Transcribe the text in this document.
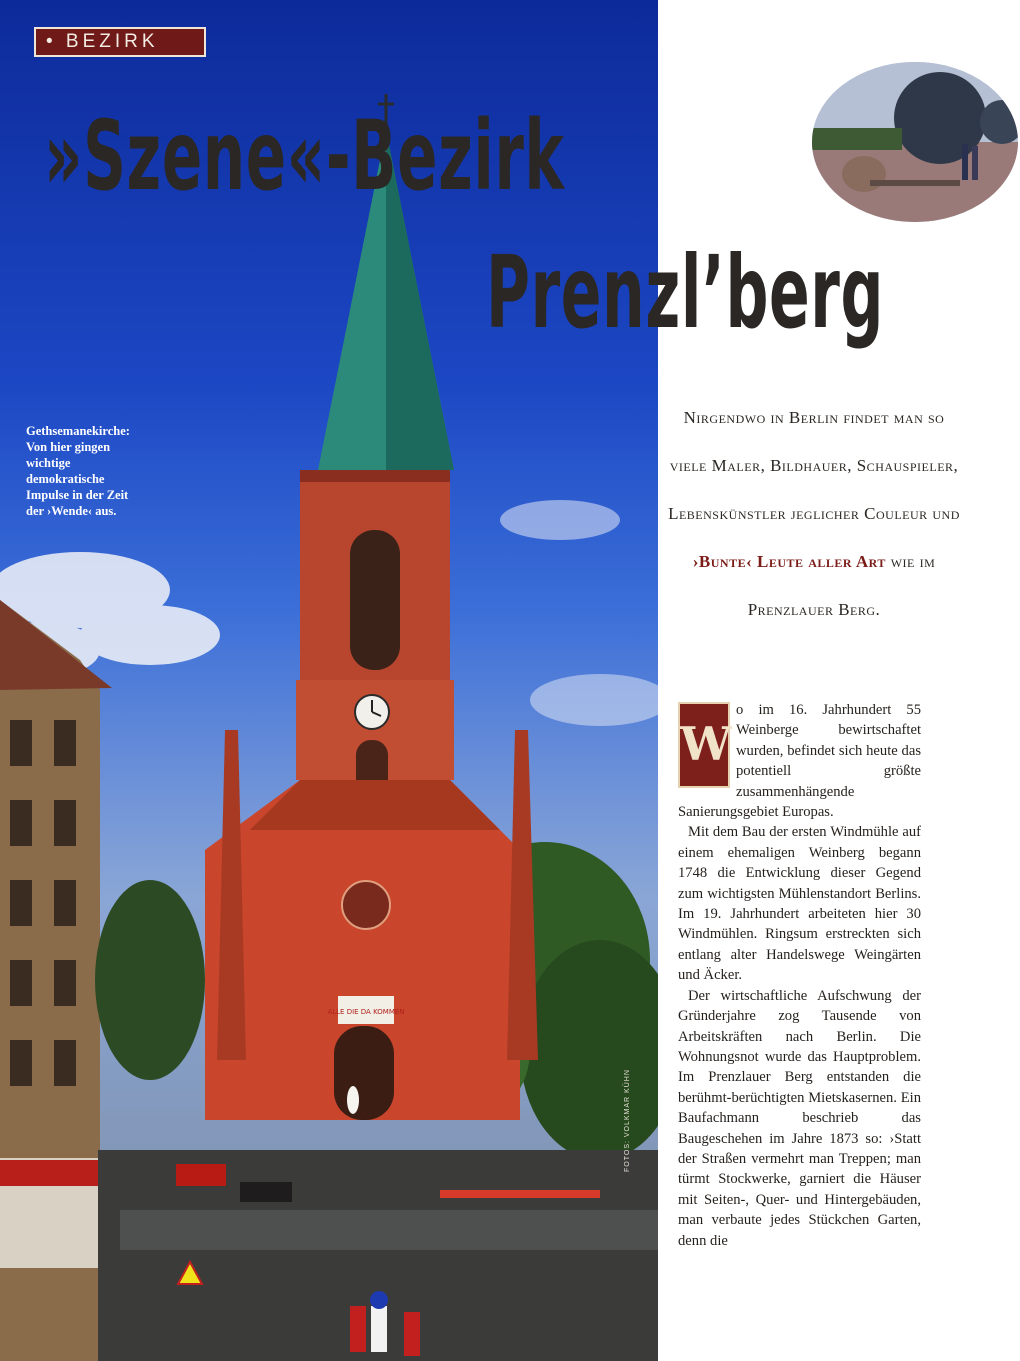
ALLE DIE DA KOMMEN
• BEZIRK
Gethsemanekirche: Von hier gingen wichtige demokratische Impulse in der Zeit der ›Wende‹ aus.
FOTOS: VOLKMAR KÜHN
»Szene«-Bezirk
Prenzl’berg
Nirgendwo in Berlin findet man so viele Maler, Bildhauer, Schauspieler, Lebenskünstler jeglicher Couleur und ›Bunte‹ Leute aller Art wie im Prenzlauer Berg.

W
o im 16. Jahrhundert 55 Weinberge bewirtschaftet wurden, befindet sich heute das potentiell größte zusammenhängende Sanierungsgebiet Europas.

Mit dem Bau der ersten Windmühle auf einem ehemaligen Weinberg begann 1748 die Entwicklung dieser Gegend zum wichtigsten Mühlenstandort Berlins. Im 19. Jahrhundert arbeiteten hier 30 Windmühlen. Ringsum erstreckten sich entlang alter Handelswege Weingärten und Äcker.

Der wirtschaftliche Aufschwung der Gründerjahre zog Tausende von Arbeitskräften nach Berlin. Die Wohnungsnot wurde das Hauptproblem. Im Prenzlauer Berg entstanden die berühmt-berüchtigten Mietskasernen. Ein Baufachmann beschrieb das Baugeschehen im Jahre 1873 so: ›Statt der Straßen vermehrt man Treppen; man türmt Stockwerke, garniert die Häuser mit Seiten-, Quer- und Hintergebäuden, man verbaute jedes Stückchen Garten, denn die
